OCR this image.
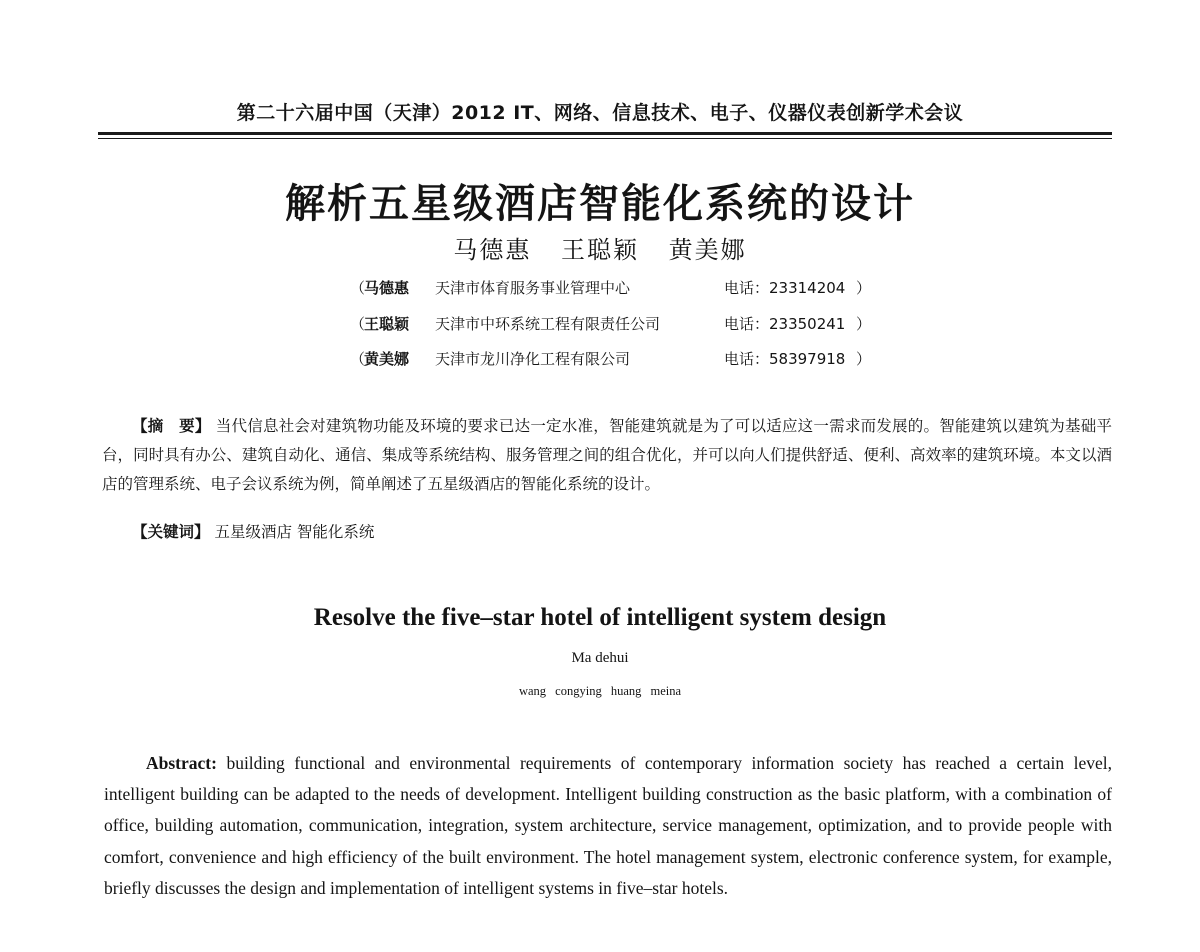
第二十六届中国（天津）2012 IT、网络、信息技术、电子、仪器仪表创新学术会议
解析五星级酒店智能化系统的设计
马德惠 王聪颖 黄美娜
（
马德惠 天津市体育服务事业管理中心	电话：23314204 ）
（
王聪颖 天津市中环系统工程有限责任公司	电话：23350241 ）
（
黄美娜 天津市龙川净化工程有限公司	电话：58397918 ）
【摘　要】 当代信息社会对建筑物功能及环境的要求已达一定水准，智能建筑就是为了可以适应这一需求而发展的。智能建筑以建筑为基础平台，同时具有办公、建筑自动化、通信、集成等系统结构、服务管理之间的组合优化，并可以向人们提供舒适、便利、高效率的建筑环境。本文以酒店的管理系统、电子会议系统为例，简单阐述了五星级酒店的智能化系统的设计。
【关键词】 五星级酒店 智能化系统
Resolve the five–star hotel of intelligent system design
Ma dehui
wang congying huang meina
Abstract: building functional and environmental requirements of contemporary information society has reached a certain level, intelligent building can be adapted to the needs of development. Intelligent building construction as the basic platform, with a combination of office, building automation, communication, integration, system architecture, service management, optimization, and to provide people with comfort, convenience and high efficiency of the built environment. The hotel management system, electronic conference system, for example, briefly discusses the design and implementation of intelligent systems in five–star hotels.
